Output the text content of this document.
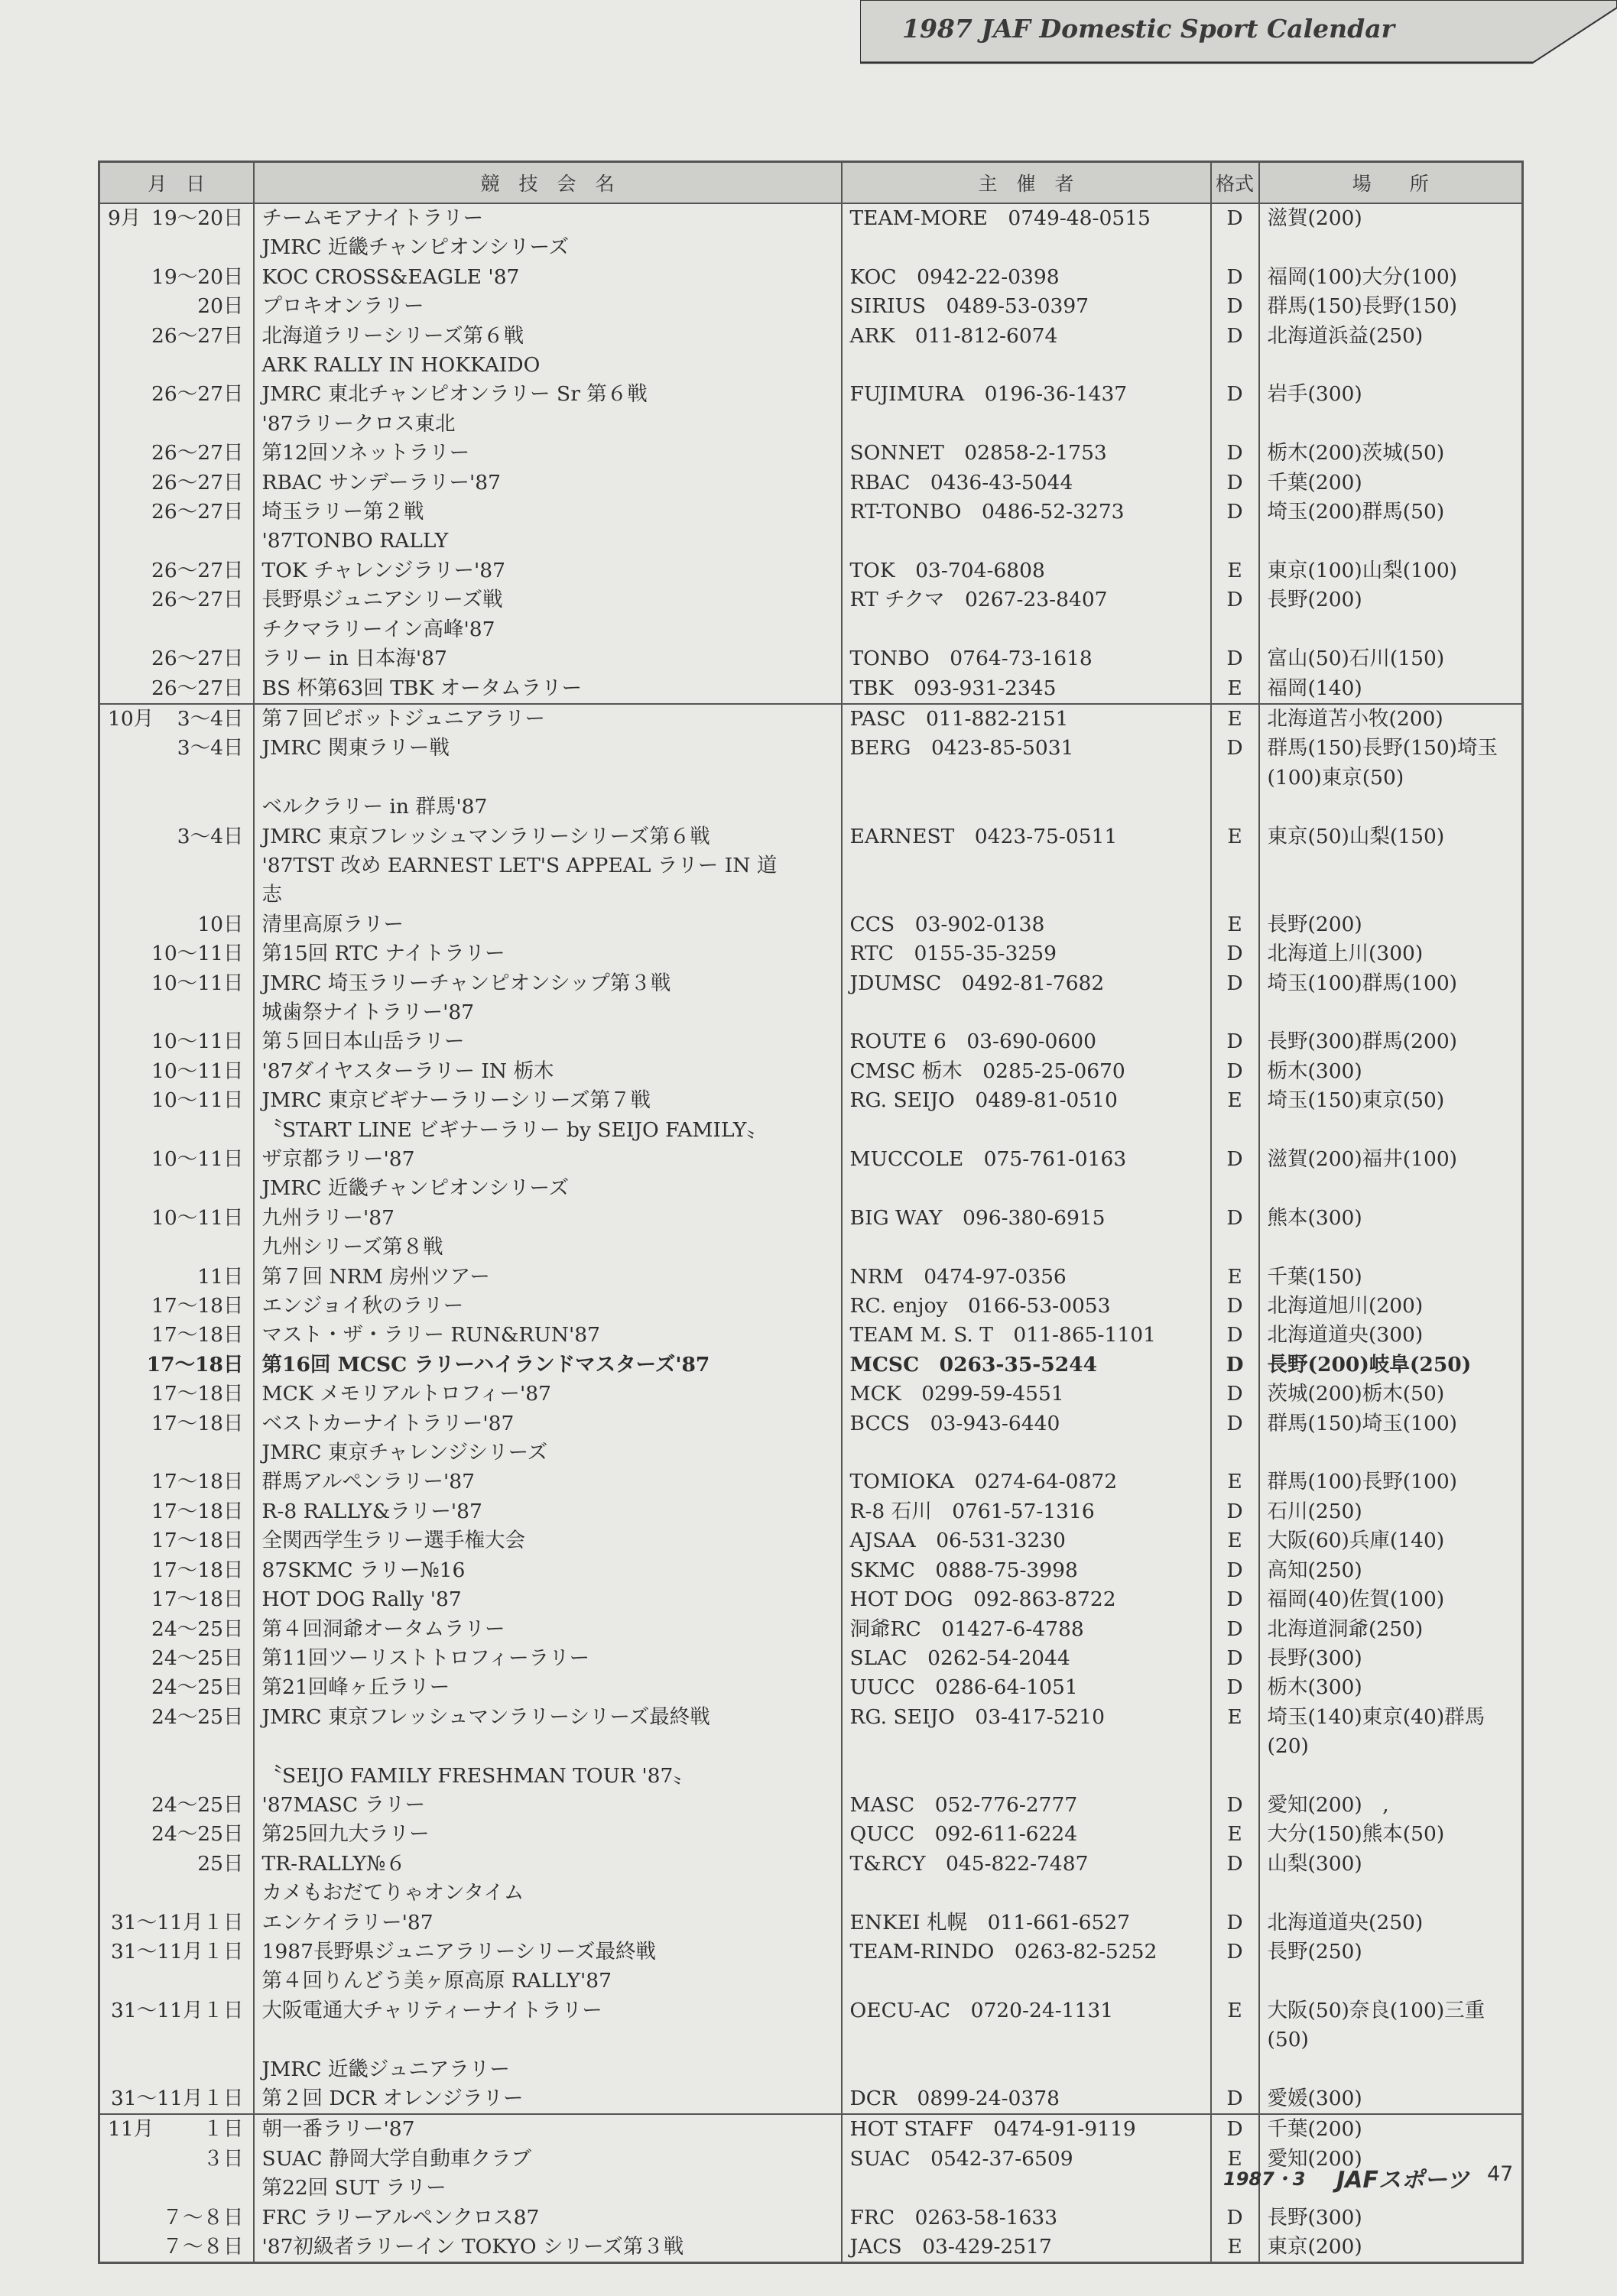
1987 JAF Domestic Sport Calendar
月　日	競　技　会　名	主　催　者	格式	場　　所

9月 19～20日	チームモアナイトラリー	TEAM-MORE　0749-48-0515	D	滋賀(200)
	JMRC 近畿チャンピオンシリーズ			
19～20日	KOC CROSS&EAGLE '87	KOC　0942-22-0398	D	福岡(100)大分(100)
20日	プロキオンラリー	SIRIUS　0489-53-0397	D	群馬(150)長野(150)
26～27日	北海道ラリーシリーズ第６戦	ARK　011-812-6074	D	北海道浜益(250)
	ARK RALLY IN HOKKAIDO			
26～27日	JMRC 東北チャンピオンラリー Sr 第６戦	FUJIMURA　0196-36-1437	D	岩手(300)
	'87ラリークロス東北			
26～27日	第12回ソネットラリー	SONNET　02858-2-1753	D	栃木(200)茨城(50)
26～27日	RBAC サンデーラリー'87	RBAC　0436-43-5044	D	千葉(200)
26～27日	埼玉ラリー第２戦	RT-TONBO　0486-52-3273	D	埼玉(200)群馬(50)
	'87TONBO RALLY			
26～27日	TOK チャレンジラリー'87	TOK　03-704-6808	E	東京(100)山梨(100)
26～27日	長野県ジュニアシリーズ戦	RT チクマ　0267-23-8407	D	長野(200)
	チクマラリーイン高峰'87			
26～27日	ラリー in 日本海'87	TONBO　0764-73-1618	D	富山(50)石川(150)
26～27日	BS 杯第63回 TBK オータムラリー	TBK　093-931-2345	E	福岡(140)

10月 3～4日	第７回ピボットジュニアラリー	PASC　011-882-2151	E	北海道苫小牧(200)
3～4日	JMRC 関東ラリー戦	BERG　0423-85-5031	D	群馬(150)長野(150)埼玉(100)東京(50)
	ベルクラリー in 群馬'87			
3～4日	JMRC 東京フレッシュマンラリーシリーズ第６戦	EARNEST　0423-75-0511	E	東京(50)山梨(150)
	'87TST 改め EARNEST LET'S APPEAL ラリー IN 道			
	志			
10日	清里高原ラリー	CCS　03-902-0138	E	長野(200)
10～11日	第15回 RTC ナイトラリー	RTC　0155-35-3259	D	北海道上川(300)
10～11日	JMRC 埼玉ラリーチャンピオンシップ第３戦	JDUMSC　0492-81-7682	D	埼玉(100)群馬(100)
	城歯祭ナイトラリー'87			
10～11日	第５回日本山岳ラリー	ROUTE 6　03-690-0600	D	長野(300)群馬(200)
10～11日	'87ダイヤスターラリー IN 栃木	CMSC 栃木　0285-25-0670	D	栃木(300)
10～11日	JMRC 東京ビギナーラリーシリーズ第７戦	RG. SEIJO　0489-81-0510	E	埼玉(150)東京(50)
	〝START LINE ビギナーラリー by SEIJO FAMILY〟			
10～11日	ザ京都ラリー'87	MUCCOLE　075-761-0163	D	滋賀(200)福井(100)
	JMRC 近畿チャンピオンシリーズ			
10～11日	九州ラリー'87	BIG WAY　096-380-6915	D	熊本(300)
	九州シリーズ第８戦			
11日	第７回 NRM 房州ツアー	NRM　0474-97-0356	E	千葉(150)
17～18日	エンジョイ秋のラリー	RC. enjoy　0166-53-0053	D	北海道旭川(200)
17～18日	マスト・ザ・ラリー RUN&RUN'87	TEAM M. S. T　011-865-1101	D	北海道道央(300)
17～18日	第16回 MCSC ラリーハイランドマスターズ'87	MCSC　0263-35-5244	D	長野(200)岐阜(250)
17～18日	MCK メモリアルトロフィー'87	MCK　0299-59-4551	D	茨城(200)栃木(50)
17～18日	ベストカーナイトラリー'87	BCCS　03-943-6440	D	群馬(150)埼玉(100)
	JMRC 東京チャレンジシリーズ			
17～18日	群馬アルペンラリー'87	TOMIOKA　0274-64-0872	E	群馬(100)長野(100)
17～18日	R-8 RALLY&ラリー'87	R-8 石川　0761-57-1316	D	石川(250)
17～18日	全関西学生ラリー選手権大会	AJSAA　06-531-3230	E	大阪(60)兵庫(140)
17～18日	87SKMC ラリー№16	SKMC　0888-75-3998	D	高知(250)
17～18日	HOT DOG Rally '87	HOT DOG　092-863-8722	D	福岡(40)佐賀(100)
24～25日	第４回洞爺オータムラリー	洞爺RC　01427-6-4788	D	北海道洞爺(250)
24～25日	第11回ツーリストトロフィーラリー	SLAC　0262-54-2044	D	長野(300)
24～25日	第21回峰ヶ丘ラリー	UUCC　0286-64-1051	D	栃木(300)
24～25日	JMRC 東京フレッシュマンラリーシリーズ最終戦	RG. SEIJO　03-417-5210	E	埼玉(140)東京(40)群馬(20)
	〝SEIJO FAMILY FRESHMAN TOUR '87〟			
24～25日	'87MASC ラリー	MASC　052-776-2777	D	愛知(200)　,
24～25日	第25回九大ラリー	QUCC　092-611-6224	E	大分(150)熊本(50)
25日	TR-RALLY№６	T&RCY　045-822-7487	D	山梨(300)
	カメもおだてりゃオンタイム			
31～11月１日	エンケイラリー'87	ENKEI 札幌　011-661-6527	D	北海道道央(250)
31～11月１日	1987長野県ジュニアラリーシリーズ最終戦	TEAM-RINDO　0263-82-5252	D	長野(250)
	第４回りんどう美ヶ原高原 RALLY'87			
31～11月１日	大阪電通大チャリティーナイトラリー	OECU-AC　0720-24-1131	E	大阪(50)奈良(100)三重(50)
	JMRC 近畿ジュニアラリー			
31～11月１日	第２回 DCR オレンジラリー	DCR　0899-24-0378	D	愛媛(300)

11月 １日	朝一番ラリー'87	HOT STAFF　0474-91-9119	D	千葉(200)
３日	SUAC 静岡大学自動車クラブ	SUAC　0542-37-6509	E	愛知(200)
	第22回 SUT ラリー			
７～８日	FRC ラリーアルペンクロス87	FRC　0263-58-1633	D	長野(300)
７～８日	'87初級者ラリーイン TOKYO シリーズ第３戦	JACS　03-429-2517	E	東京(200)
1987・3 JAFスポーツ 47
